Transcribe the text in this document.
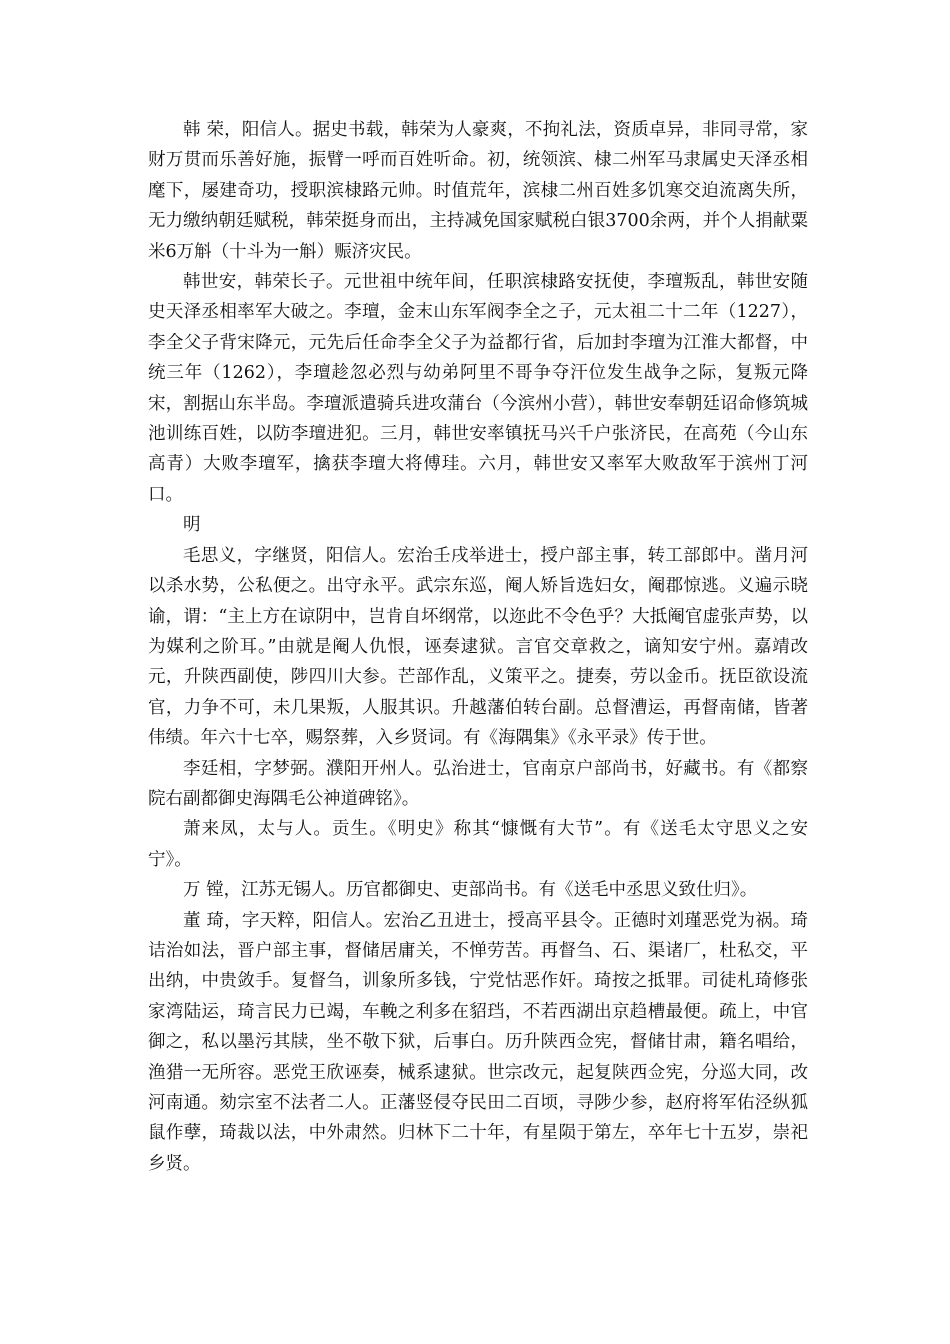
韩 荣，阳信人。据史书载，韩荣为人豪爽，不拘礼法，资质卓异，非同寻常，家财万贯而乐善好施，振臂一呼而百姓听命。初，统领滨、棣二州军马隶属史天泽丞相麾下，屡建奇功，授职滨棣路元帅。时值荒年，滨棣二州百姓多饥寒交迫流离失所，无力缴纳朝廷赋税，韩荣挺身而出，主持减免国家赋税白银3700余两，并个人捐献粟米6万斛（十斗为一斛）赈济灾民。

韩世安，韩荣长子。元世祖中统年间，任职滨棣路安抚使，李璮叛乱，韩世安随史天泽丞相率军大破之。李璮，金末山东军阀李全之子，元太祖二十二年（1227），李全父子背宋降元，元先后任命李全父子为益都行省，后加封李璮为江淮大都督，中统三年（1262），李璮趁忽必烈与幼弟阿里不哥争夺汗位发生战争之际，复叛元降宋，割据山东半岛。李璮派遣骑兵进攻蒲台（今滨州小营），韩世安奉朝廷诏命修筑城池训练百姓，以防李璮进犯。三月，韩世安率镇抚马兴千户张济民，在高苑（今山东高青）大败李璮军，擒获李璮大将傅珪。六月，韩世安又率军大败敌军于滨州丁河口。

明

毛思义，字继贤，阳信人。宏治壬戌举进士，授户部主事，转工部郎中。凿月河以杀水势，公私便之。出守永平。武宗东巡，阉人矫旨选妇女，阉郡惊逃。义遍示晓谕，谓：“主上方在谅阴中，岂肯自坏纲常，以迩此不令色乎？大抵阉官虚张声势，以为媒利之阶耳。”由就是阉人仇恨，诬奏逮狱。言官交章救之，谪知安宁州。嘉靖改元，升陕西副使，陟四川大参。芒部作乱，义策平之。捷奏，劳以金币。抚臣欲设流官，力争不可，未几果叛，人服其识。升越藩伯转台副。总督漕运，再督南储，皆著伟绩。年六十七卒，赐祭葬，入乡贤词。有《海隅集》《永平录》传于世。

李廷相，字梦弼。濮阳开州人。弘治进士，官南京户部尚书，好藏书。有《都察院右副都御史海隅毛公神道碑铭》。

萧来凤，太与人。贡生。《明史》称其“慷慨有大节”。有《送毛太守思义之安宁》。

万 镗，江苏无锡人。历官都御史、吏部尚书。有《送毛中丞思义致仕归》。

董 琦，字天粹，阳信人。宏治乙丑进士，授高平县令。正德时刘瑾恶党为祸。琦诘治如法，晋户部主事，督储居庸关，不惮劳苦。再督刍、石、渠诸厂，杜私交，平出纳，中贵敛手。复督刍，训象所多钱，宁党怙恶作奸。琦按之抵罪。司徒札琦修张家湾陆运，琦言民力已竭，车輓之利多在貂珰，不若西湖出京趋槽最便。疏上，中官御之，私以墨污其牍，坐不敬下狱，后事白。历升陕西佥宪，督储甘肃，籍名唱给，渔猎一无所容。恶党王欣诬奏，械系逮狱。世宗改元，起复陕西佥宪，分巡大同，改河南通。劾宗室不法者二人。正藩竖侵夺民田二百顷，寻陟少参，赵府将军佑泾纵狐鼠作孽，琦裁以法，中外肃然。归林下二十年，有星陨于第左，卒年七十五岁，崇祀乡贤。
